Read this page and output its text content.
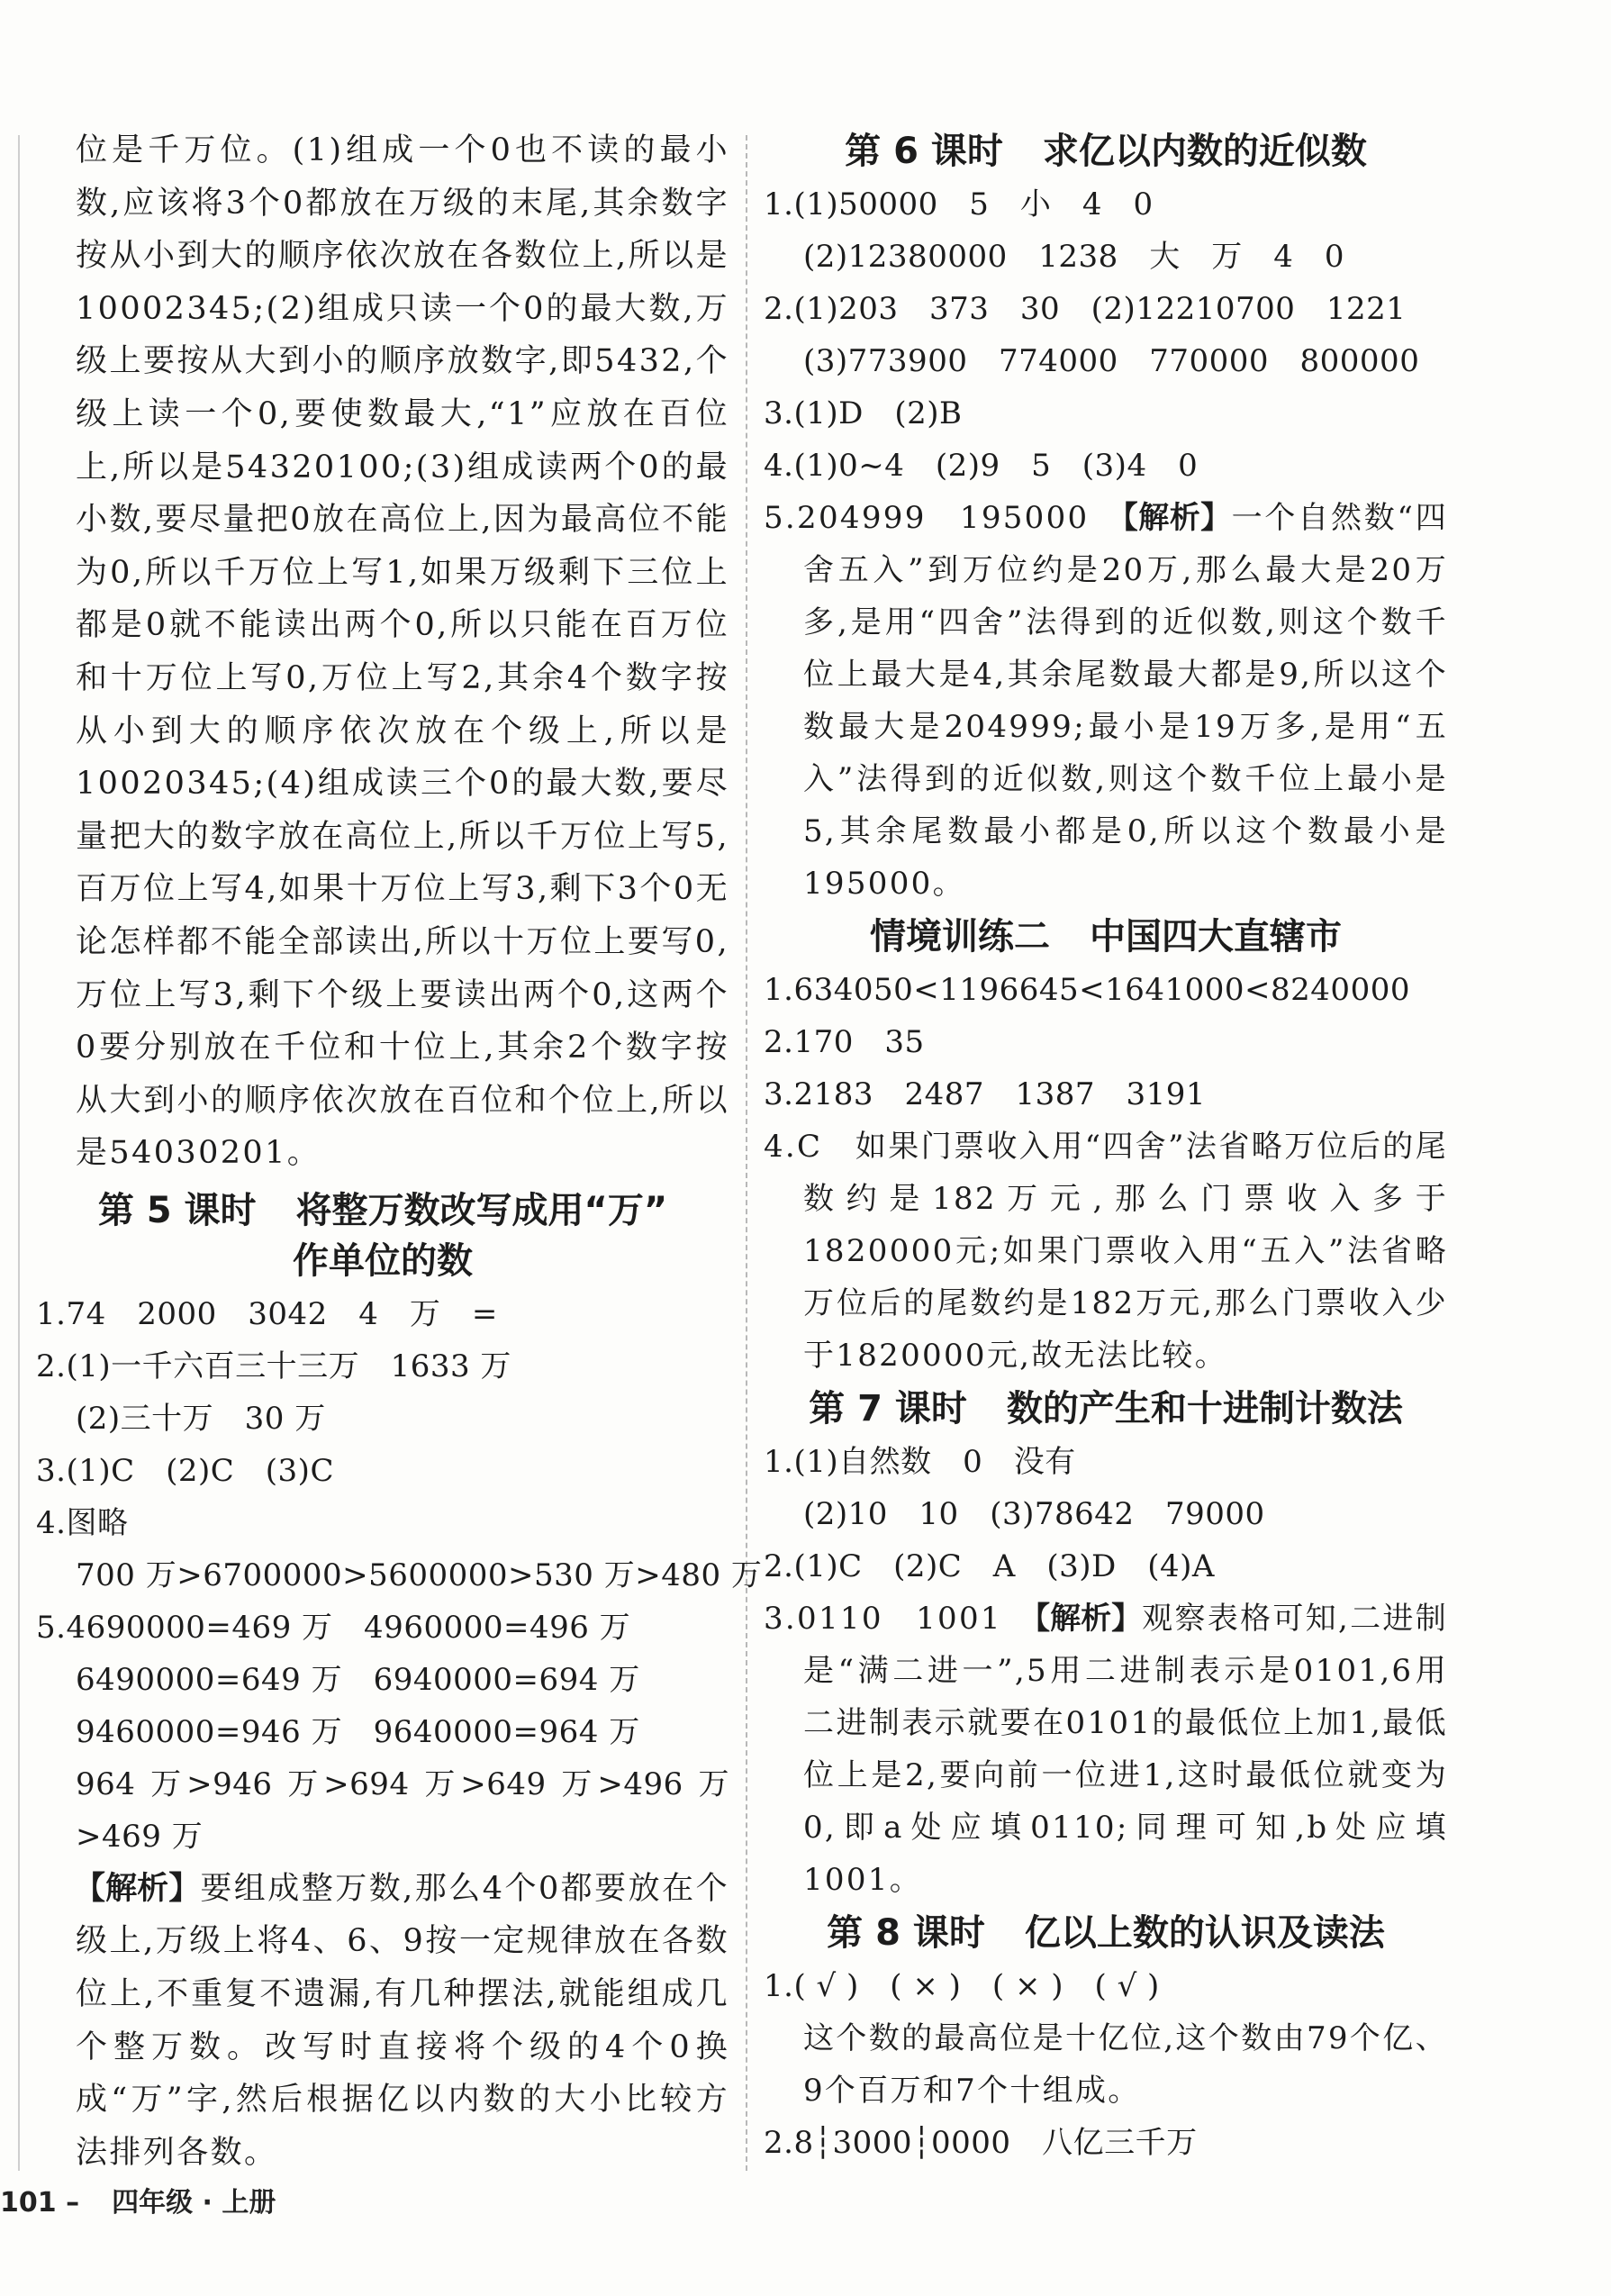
位是千万位。(1)组成一个0也不读的最小数,应该将3个0都放在万级的末尾,其余数字按从小到大的顺序依次放在各数位上,所以是10002345;(2)组成只读一个0的最大数,万级上要按从大到小的顺序放数字,即5432,个级上读一个0,要使数最大,“1”应放在百位上,所以是54320100;(3)组成读两个0的最小数,要尽量把0放在高位上,因为最高位不能为0,所以千万位上写1,如果万级剩下三位上都是0就不能读出两个0,所以只能在百万位和十万位上写0,万位上写2,其余4个数字按从小到大的顺序依次放在个级上,所以是10020345;(4)组成读三个0的最大数,要尽量把大的数字放在高位上,所以千万位上写5,百万位上写4,如果十万位上写3,剩下3个0无论怎样都不能全部读出,所以十万位上要写0,万位上写3,剩下个级上要读出两个0,这两个0要分别放在千位和十位上,其余2个数字按从大到小的顺序依次放在百位和个位上,所以是54030201。

第 5 课时 将整万数改写成用“万”
作单位的数

1.74　2000　3042　4　万　=

2.(1)一千六百三十三万　1633 万

(2)三十万　30 万

3.(1)C　(2)C　(3)C

4.图略

700 万>6700000>5600000>530 万>480 万

5.4690000=469 万　4960000=496 万

6490000=649 万　6940000=694 万

9460000=946 万　9640000=964 万

964 万>946 万>694 万>649 万>496 万>469 万

【解析】要组成整万数,那么4个0都要放在个级上,万级上将4、6、9按一定规律放在各数位上,不重复不遗漏,有几种摆法,就能组成几个整万数。改写时直接将个级的4个0换成“万”字,然后根据亿以内数的大小比较方法排列各数。

第 6 课时 求亿以内数的近似数

1.(1)50000　5　小　4　0

(2)12380000　1238　大　万　4　0

2.(1)203　373　30　(2)12210700　1221

(3)773900　774000　770000　800000

3.(1)D　(2)B

4.(1)0~4　(2)9　5　(3)4　0

5.204999　195000　【解析】一个自然数“四舍五入”到万位约是20万,那么最大是20万多,是用“四舍”法得到的近似数,则这个数千位上最大是4,其余尾数最大都是9,所以这个数最大是204999;最小是19万多,是用“五入”法得到的近似数,则这个数千位上最小是5,其余尾数最小都是0,所以这个数最小是195000。

情境训练二 中国四大直辖市

1.634050<1196645<1641000<8240000

2.170　35

3.2183　2487　1387　3191

4.C　如果门票收入用“四舍”法省略万位后的尾数约是182万元,那么门票收入多于1820000元;如果门票收入用“五入”法省略万位后的尾数约是182万元,那么门票收入少于1820000元,故无法比较。

第 7 课时 数的产生和十进制计数法

1.(1)自然数　0　没有

(2)10　10　(3)78642　79000

2.(1)C　(2)C　A　(3)D　(4)A

3.0110　1001　【解析】观察表格可知,二进制是“满二进一”,5用二进制表示是0101,6用二进制表示就要在0101的最低位上加1,最低位上是2,要向前一位进1,这时最低位就变为0,即a处应填0110;同理可知,b处应填1001。

第 8 课时 亿以上数的认识及读法

1.( √ )　( × )　( × )　( √ )

这个数的最高位是十亿位,这个数由79个亿、9个百万和7个十组成。

2.8┆3000┆0000　八亿三千万

101 – 四年级 · 上册
